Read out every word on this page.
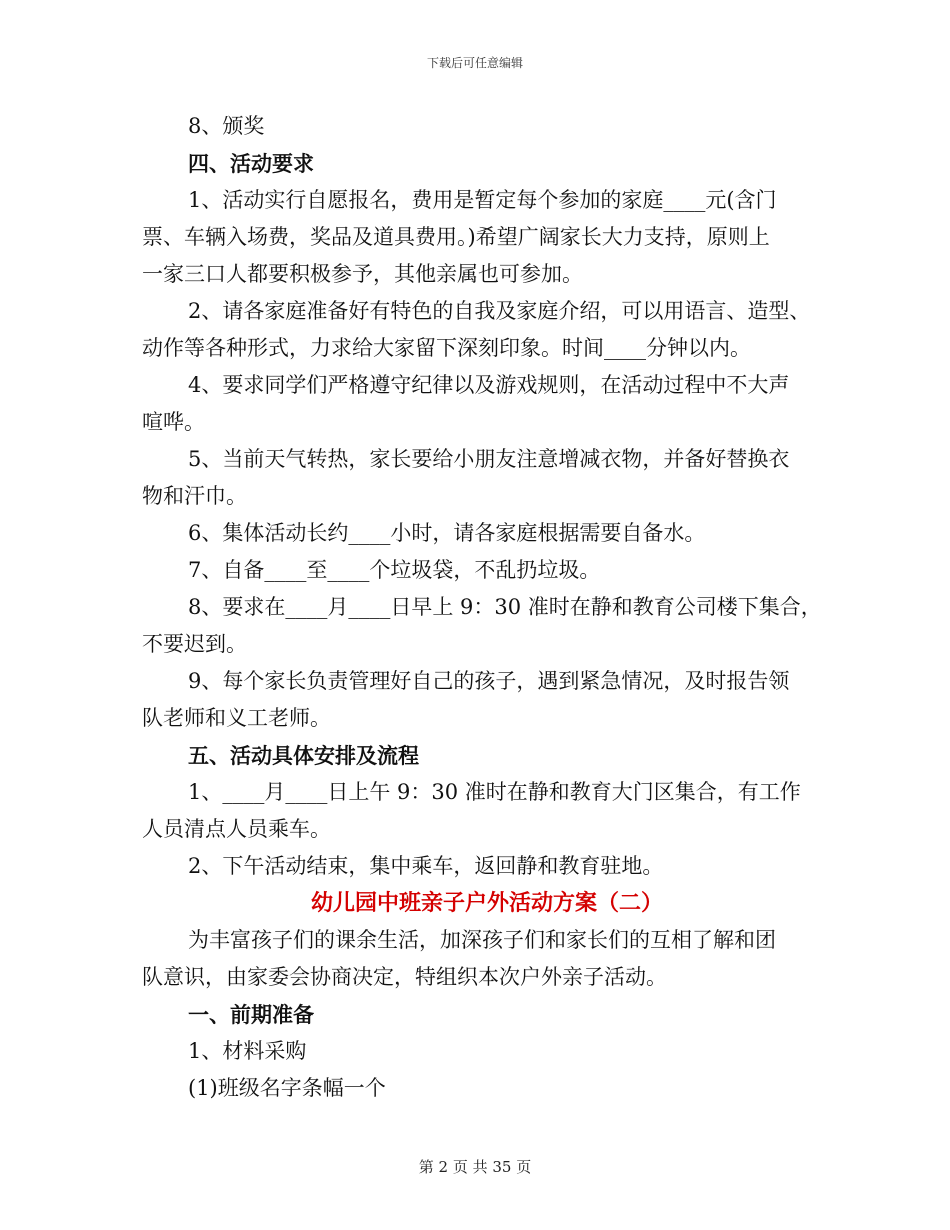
下载后可任意编辑
8、颁奖
四、活动要求
1、活动实行自愿报名，费用是暂定每个参加的家庭____元(含门
票、车辆入场费，奖品及道具费用。)希望广阔家长大力支持，原则上
一家三口人都要积极参予，其他亲属也可参加。
2、请各家庭准备好有特色的自我及家庭介绍，可以用语言、造型、
动作等各种形式，力求给大家留下深刻印象。时间____分钟以内。
4、要求同学们严格遵守纪律以及游戏规则，在活动过程中不大声
喧哗。
5、当前天气转热，家长要给小朋友注意增减衣物，并备好替换衣
物和汗巾。
6、集体活动长约____小时，请各家庭根据需要自备水。
7、自备____至____个垃圾袋，不乱扔垃圾。
8、要求在____月____日早上 9：30 准时在静和教育公司楼下集合，
不要迟到。
9、每个家长负责管理好自己的孩子，遇到紧急情况，及时报告领
队老师和义工老师。
五、活动具体安排及流程
1、____月____日上午 9：30 准时在静和教育大门区集合，有工作
人员清点人员乘车。
2、下午活动结束，集中乘车，返回静和教育驻地。
幼儿园中班亲子户外活动方案（二）
为丰富孩子们的课余生活，加深孩子们和家长们的互相了解和团
队意识，由家委会协商决定，特组织本次户外亲子活动。
一、前期准备
1、材料采购
(1)班级名字条幅一个
第 2 页 共 35 页
